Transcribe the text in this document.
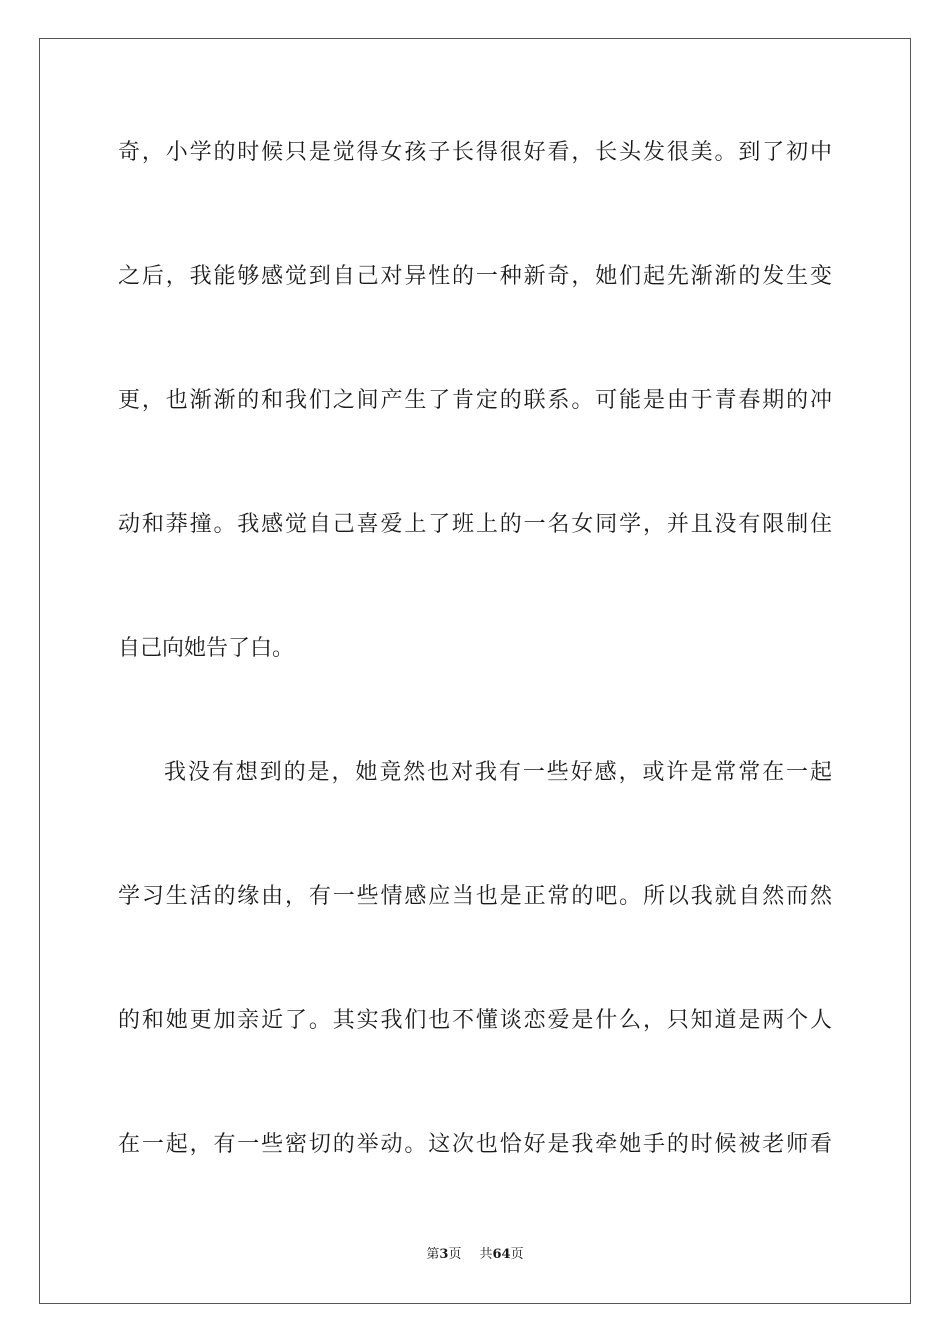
奇，小学的时候只是觉得女孩子长得很好看，长头发很美。到了初中
之后，我能够感觉到自己对异性的一种新奇，她们起先渐渐的发生变
更，也渐渐的和我们之间产生了肯定的联系。可能是由于青春期的冲
动和莽撞。我感觉自己喜爱上了班上的一名女同学，并且没有限制住
自己向她告了白。
我没有想到的是，她竟然也对我有一些好感，或许是常常在一起
学习生活的缘由，有一些情感应当也是正常的吧。所以我就自然而然
的和她更加亲近了。其实我们也不懂谈恋爱是什么，只知道是两个人
在一起，有一些密切的举动。这次也恰好是我牵她手的时候被老师看
第3页 共64页
